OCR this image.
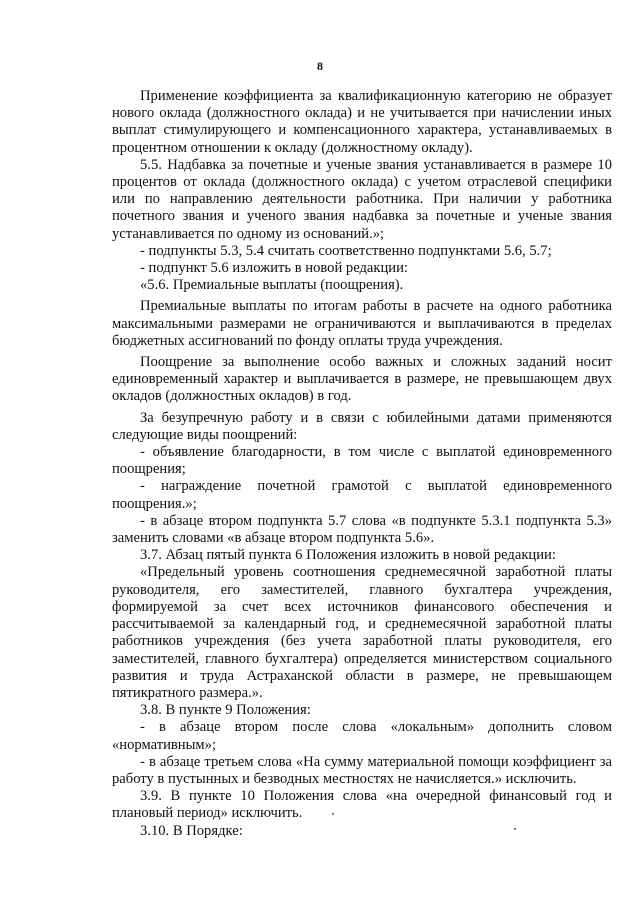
8

Применение коэффициента за квалификационную категорию не образует нового оклада (должностного оклада) и не учитывается при начислении иных выплат стимулирующего и компенсационного характера, устанавливаемых в процентном отношении к окладу (должностному окладу).

5.5. Надбавка за почетные и ученые звания устанавливается в размере 10 процентов от оклада (должностного оклада) с учетом отраслевой специфики или по направлению деятельности работника. При наличии у работника почетного звания и ученого звания надбавка за почетные и ученые звания устанавливается по одному из оснований.»;

- подпункты 5.3, 5.4 считать соответственно подпунктами 5.6, 5.7;

- подпункт 5.6 изложить в новой редакции:

«5.6. Премиальные выплаты (поощрения).

Премиальные выплаты по итогам работы в расчете на одного работника максимальными размерами не ограничиваются и выплачиваются в пределах бюджетных ассигнований по фонду оплаты труда учреждения.

Поощрение за выполнение особо важных и сложных заданий носит единовременный характер и выплачивается в размере, не превышающем двух окладов (должностных окладов) в год.

За безупречную работу и в связи с юбилейными датами применяются следующие виды поощрений:

- объявление благодарности, в том числе с выплатой единовременного поощрения;

- награждение почетной грамотой с выплатой единовременного поощрения.»;

- в абзаце втором подпункта 5.7 слова «в подпункте 5.3.1 подпункта 5.3» заменить словами «в абзаце втором подпункта 5.6».

3.7. Абзац пятый пункта 6 Положения изложить в новой редакции:

«Предельный уровень соотношения среднемесячной заработной платы руководителя, его заместителей, главного бухгалтера учреждения, формируемой за счет всех источников финансового обеспечения и рассчитываемой за календарный год, и среднемесячной заработной платы работников учреждения (без учета заработной платы руководителя, его заместителей, главного бухгалтера) определяется министерством социального развития и труда Астраханской области в размере, не превышающем пятикратного размера.».

3.8. В пункте 9 Положения:

- в абзаце втором после слова «локальным» дополнить словом «нормативным»;

- в абзаце третьем слова «На сумму материальной помощи коэффициент за работу в пустынных и безводных местностях не начисляется.» исключить.

3.9. В пункте 10 Положения слова «на очередной финансовый год и плановый период» исключить.

3.10. В Порядке:
